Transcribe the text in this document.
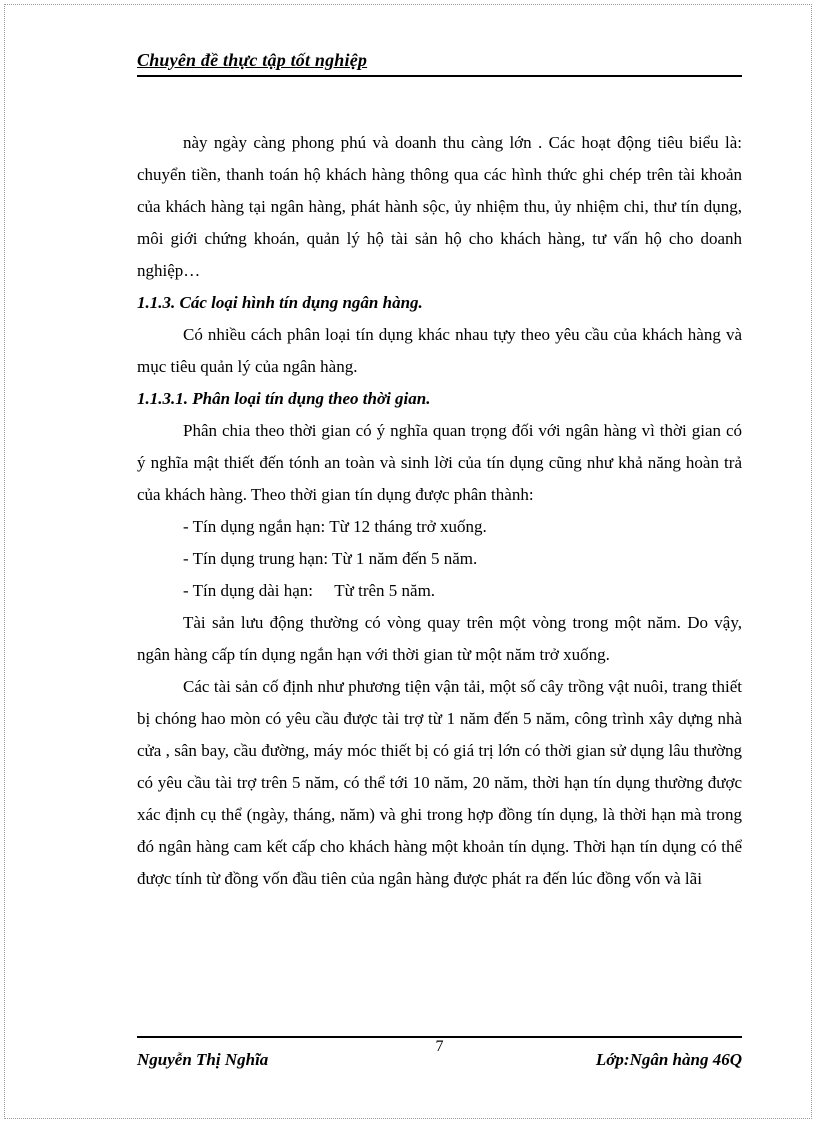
Chuyên đề thực tập tốt nghiệp

này ngày càng phong phú và doanh thu càng lớn . Các hoạt động tiêu biểu là: chuyển tiền, thanh toán hộ khách hàng thông qua các hình thức ghi chép trên tài khoản của khách hàng tại ngân hàng, phát hành sộc, ủy nhiệm thu, ủy nhiệm chi, thư tín dụng, môi giới chứng khoán, quản lý hộ tài sản hộ cho khách hàng, tư vấn hộ cho doanh nghiệp…

1.1.3. Các loại hình tín dụng ngân hàng.

Có nhiều cách phân loại tín dụng khác nhau tựy theo yêu cầu của khách hàng và mục tiêu quản lý của ngân hàng.

1.1.3.1. Phân loại tín dụng theo thời gian.

Phân chia theo thời gian có ý nghĩa quan trọng đối với ngân hàng vì thời gian có ý nghĩa mật thiết đến tónh an toàn và sinh lời của tín dụng cũng như khả năng hoàn trả của khách hàng. Theo thời gian tín dụng được phân thành:

- Tín dụng ngắn hạn: Từ 12 tháng trở xuống.

- Tín dụng trung hạn: Từ 1 năm đến 5 năm.

- Tín dụng dài hạn:     Từ trên 5 năm.

Tài sản lưu động thường có vòng quay trên một vòng trong một năm. Do vậy, ngân hàng cấp tín dụng ngắn hạn với thời gian từ một năm trở xuống.

Các tài sản cố định như phương tiện vận tải, một số cây trồng vật nuôi, trang thiết bị chóng hao mòn có yêu cầu được tài trợ từ 1 năm đến 5 năm, công trình xây dựng nhà cửa , sân bay, cầu đường, máy móc thiết bị có giá trị lớn có thời gian sử dụng lâu thường có yêu cầu tài trợ trên 5 năm, có thể tới 10 năm, 20 năm, thời hạn tín dụng thường được xác định cụ thể (ngày, tháng, năm) và ghi trong hợp đồng tín dụng, là thời hạn mà trong đó ngân hàng cam kết cấp cho khách hàng một khoản tín dụng. Thời hạn tín dụng có thể được tính từ đồng vốn đầu tiên của ngân hàng được phát ra đến lúc đồng vốn và lãi

7
Nguyễn Thị Nghĩa	Lớp:Ngân hàng 46Q
